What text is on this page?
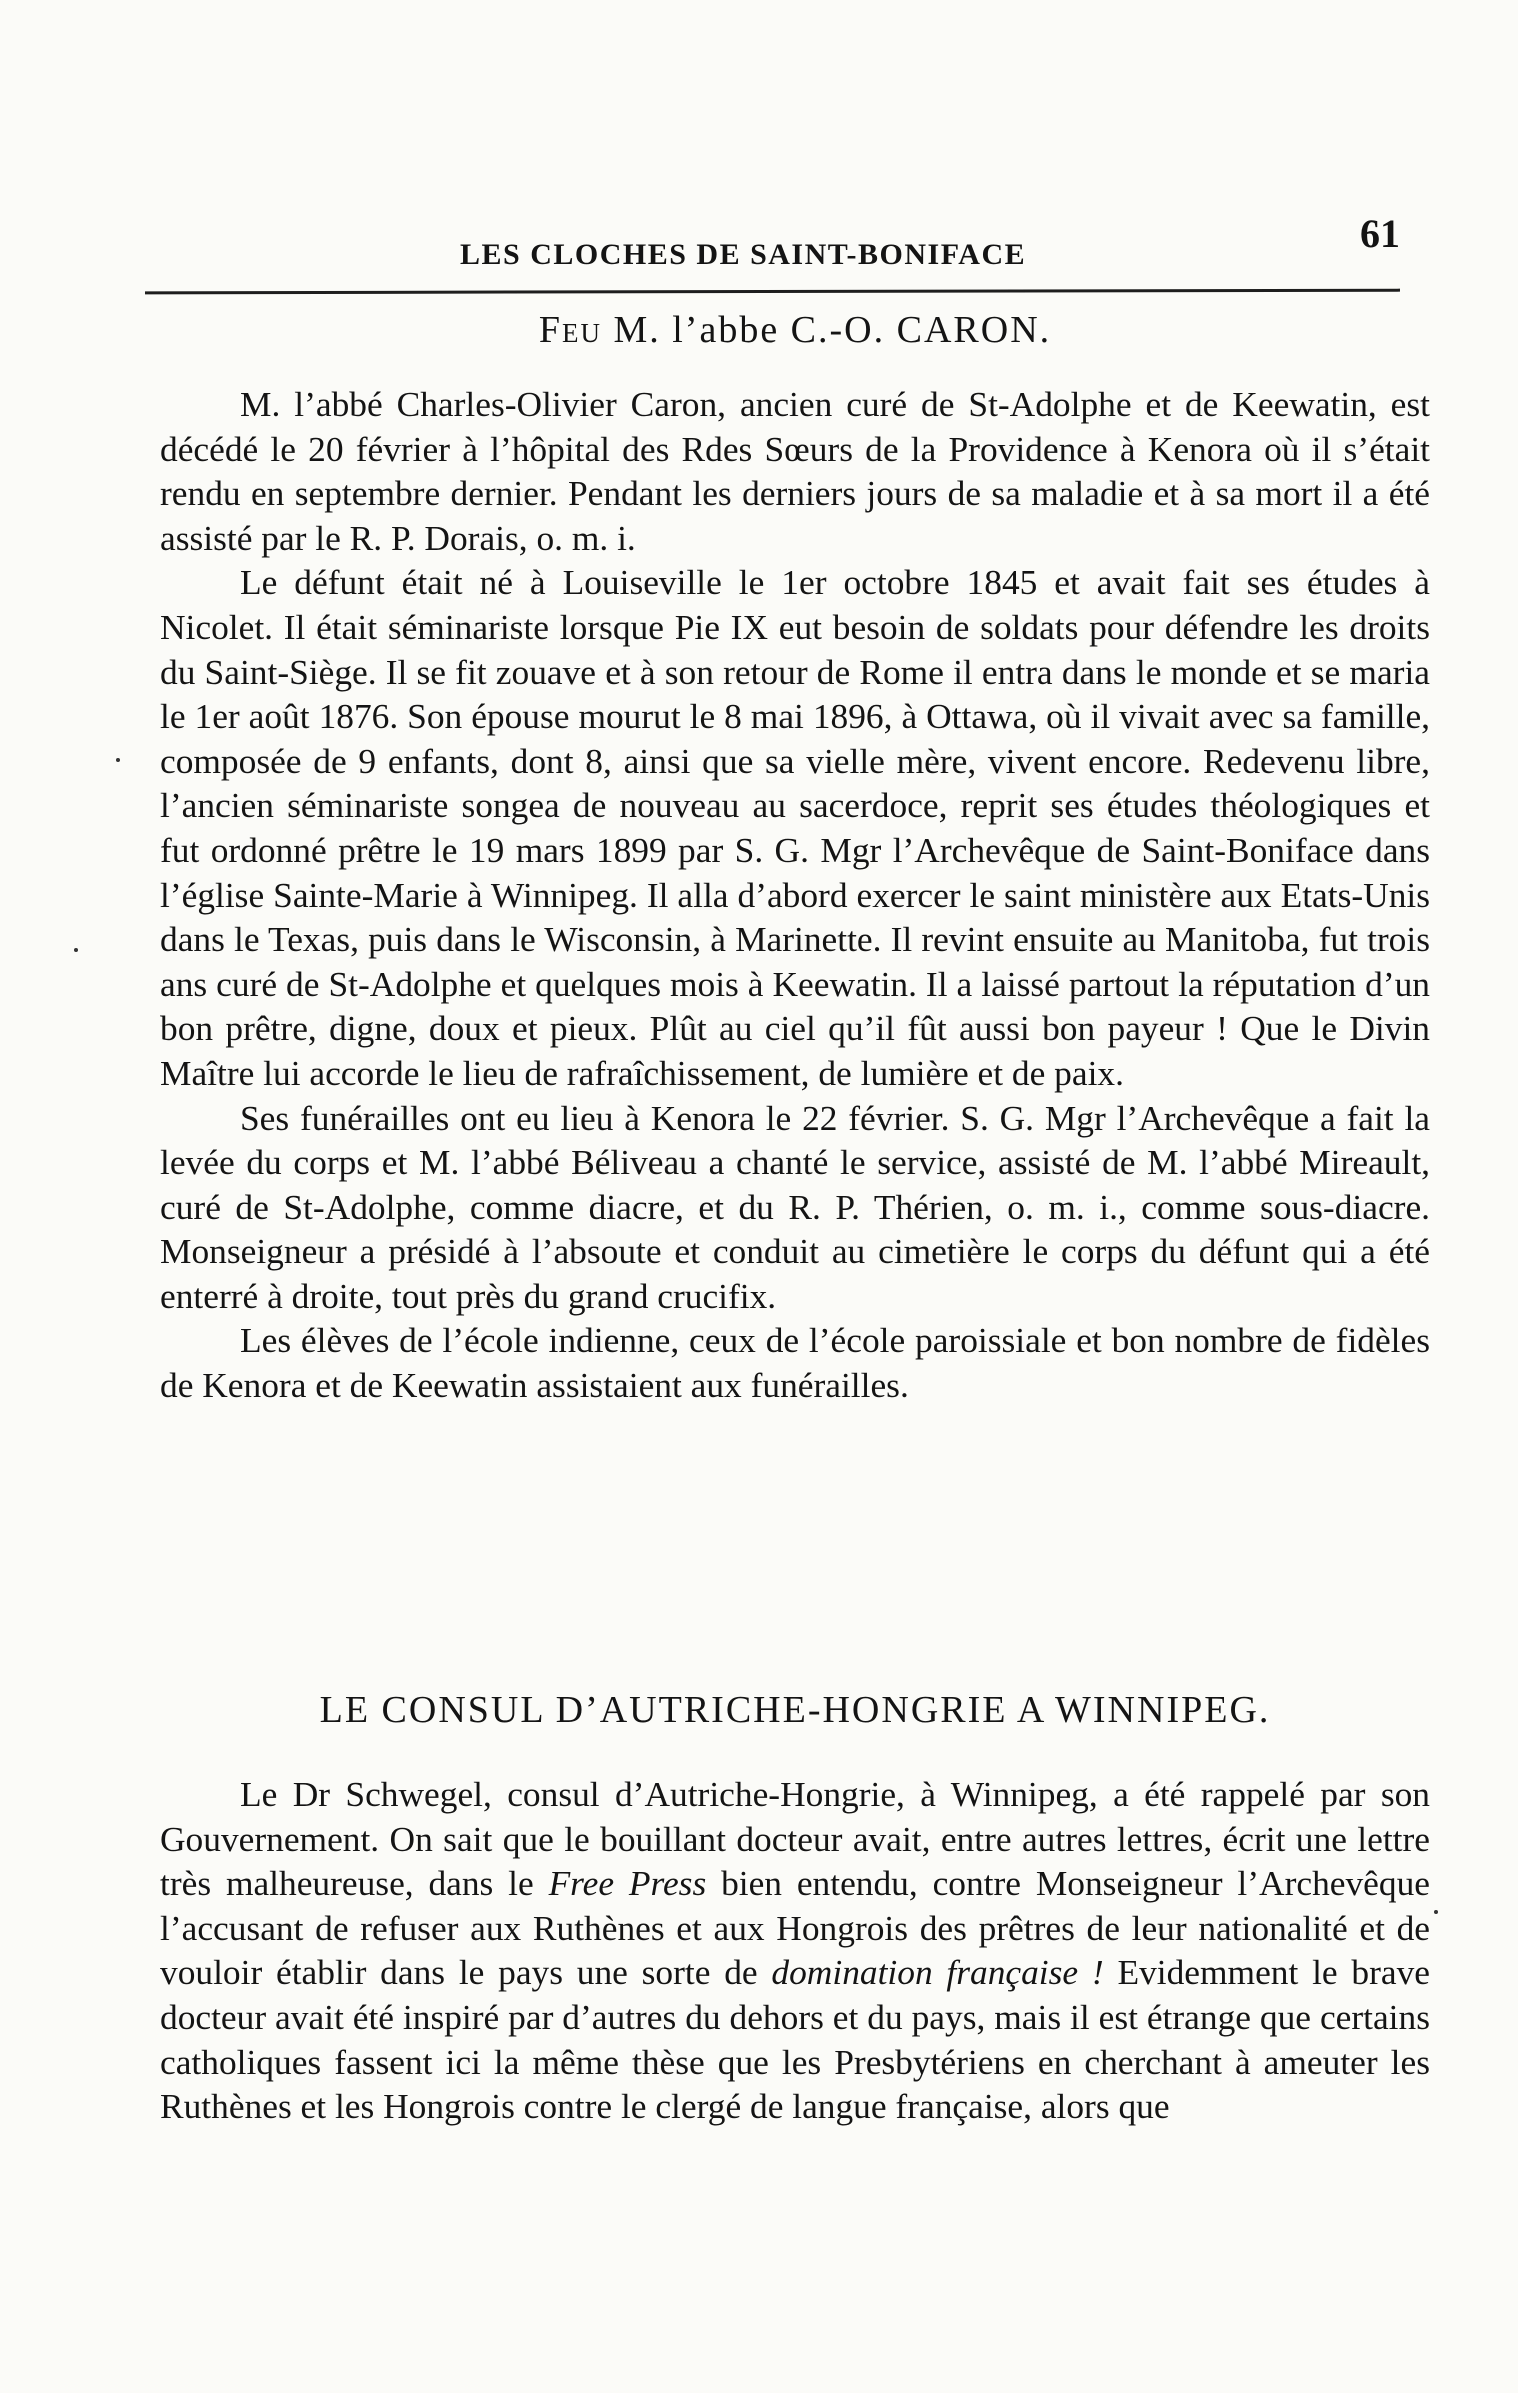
LES CLOCHES DE SAINT-BONIFACE	61
Feu M. l’abbe C.-O. CARON.

M. l’abbé Charles-Olivier Caron, ancien curé de St-Adolphe et de Keewatin, est décédé le 20 février à l’hôpital des Rdes Sœurs de la Providence à Kenora où il s’était rendu en septembre dernier. Pendant les derniers jours de sa maladie et à sa mort il a été assisté par le R. P. Dorais, o. m. i.

Le défunt était né à Louiseville le 1er octobre 1845 et avait fait ses études à Nicolet. Il était séminariste lorsque Pie IX eut besoin de soldats pour défendre les droits du Saint-Siège. Il se fit zouave et à son retour de Rome il entra dans le monde et se maria le 1er août 1876. Son épouse mourut le 8 mai 1896, à Ottawa, où il vivait avec sa famille, composée de 9 enfants, dont 8, ainsi que sa vielle mère, vivent encore. Redevenu libre, l’ancien séminariste songea de nouveau au sacerdoce, reprit ses études théologiques et fut ordonné prêtre le 19 mars 1899 par S. G. Mgr l’Archevêque de Saint-Boniface dans l’église Sainte-Marie à Winnipeg. Il alla d’abord exercer le saint ministère aux Etats-Unis dans le Texas, puis dans le Wisconsin, à Marinette. Il revint ensuite au Manitoba, fut trois ans curé de St-Adolphe et quelques mois à Keewatin. Il a laissé partout la réputation d’un bon prêtre, digne, doux et pieux. Plût au ciel qu’il fût aussi bon payeur ! Que le Divin Maître lui accorde le lieu de rafraîchissement, de lumière et de paix.

Ses funérailles ont eu lieu à Kenora le 22 février. S. G. Mgr l’Archevêque a fait la levée du corps et M. l’abbé Béliveau a chanté le service, assisté de M. l’abbé Mireault, curé de St-Adolphe, comme diacre, et du R. P. Thérien, o. m. i., comme sous-diacre. Monseigneur a présidé à l’absoute et conduit au cimetière le corps du défunt qui a été enterré à droite, tout près du grand crucifix.

Les élèves de l’école indienne, ceux de l’école paroissiale et bon nombre de fidèles de Kenora et de Keewatin assistaient aux funérailles.

LE CONSUL D’AUTRICHE-HONGRIE A WINNIPEG.

Le Dr Schwegel, consul d’Autriche-Hongrie, à Winnipeg, a été rappelé par son Gouvernement. On sait que le bouillant docteur avait, entre autres lettres, écrit une lettre très malheureuse, dans le Free Press bien entendu, contre Monseigneur l’Archevêque l’accusant de refuser aux Ruthènes et aux Hongrois des prêtres de leur nationalité et de vouloir établir dans le pays une sorte de domination française ! Evidemment le brave docteur avait été inspiré par d’autres du dehors et du pays, mais il est étrange que certains catholiques fassent ici la même thèse que les Presbytériens en cherchant à ameuter les Ruthènes et les Hongrois contre le clergé de langue française, alors que
